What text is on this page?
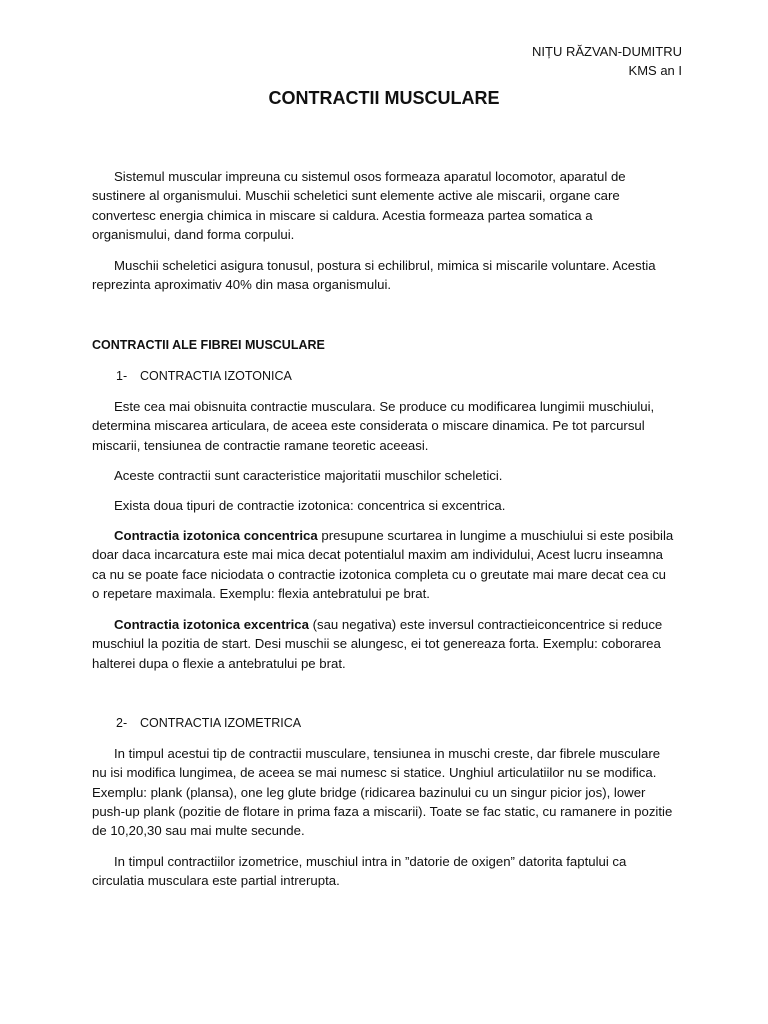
NIȚU RĂZVAN-DUMITRU
KMS an I
CONTRACTII MUSCULARE

Sistemul muscular impreuna cu sistemul osos formeaza aparatul locomotor, aparatul de sustinere al organismului. Muschii scheletici sunt elemente active ale miscarii, organe care convertesc energia chimica in miscare si caldura. Acestia formeaza partea somatica a organismului, dand forma corpului.

Muschii scheletici asigura tonusul, postura si echilibrul, mimica si miscarile voluntare. Acestia reprezinta aproximativ 40% din masa organismului.

CONTRACTII ALE FIBREI MUSCULARE
1- CONTRACTIA IZOTONICA

Este cea mai obisnuita contractie musculara. Se produce cu modificarea lungimii muschiului, determina miscarea articulara, de aceea este considerata o miscare dinamica. Pe tot parcursul miscarii, tensiunea de contractie ramane teoretic aceeasi.

Aceste contractii sunt caracteristice majoritatii muschilor scheletici.

Exista doua tipuri de contractie izotonica: concentrica si excentrica.

Contractia izotonica concentrica presupune scurtarea in lungime a muschiului si este posibila doar daca incarcatura este mai mica decat potentialul maxim am individului, Acest lucru inseamna ca nu se poate face niciodata o contractie izotonica completa cu o greutate mai mare decat cea cu o repetare maximala. Exemplu: flexia antebratului pe brat.

Contractia izotonica excentrica (sau negativa) este inversul contractieiconcentrice si reduce muschiul la pozitia de start. Desi muschii se alungesc, ei tot genereaza forta. Exemplu: coborarea halterei dupa o flexie a antebratului pe brat.

2- CONTRACTIA IZOMETRICA

In timpul acestui tip de contractii musculare, tensiunea in muschi creste, dar fibrele musculare nu isi modifica lungimea, de aceea se mai numesc si statice. Unghiul articulatiilor nu se modifica. Exemplu: plank (plansa), one leg glute bridge (ridicarea bazinului cu un singur picior jos), lower push-up plank (pozitie de flotare in prima faza a miscarii). Toate se fac static, cu ramanere in pozitie de 10,20,30 sau mai multe secunde.

In timpul contractiilor izometrice, muschiul intra in ”datorie de oxigen” datorita faptului ca circulatia musculara este partial intrerupta.
